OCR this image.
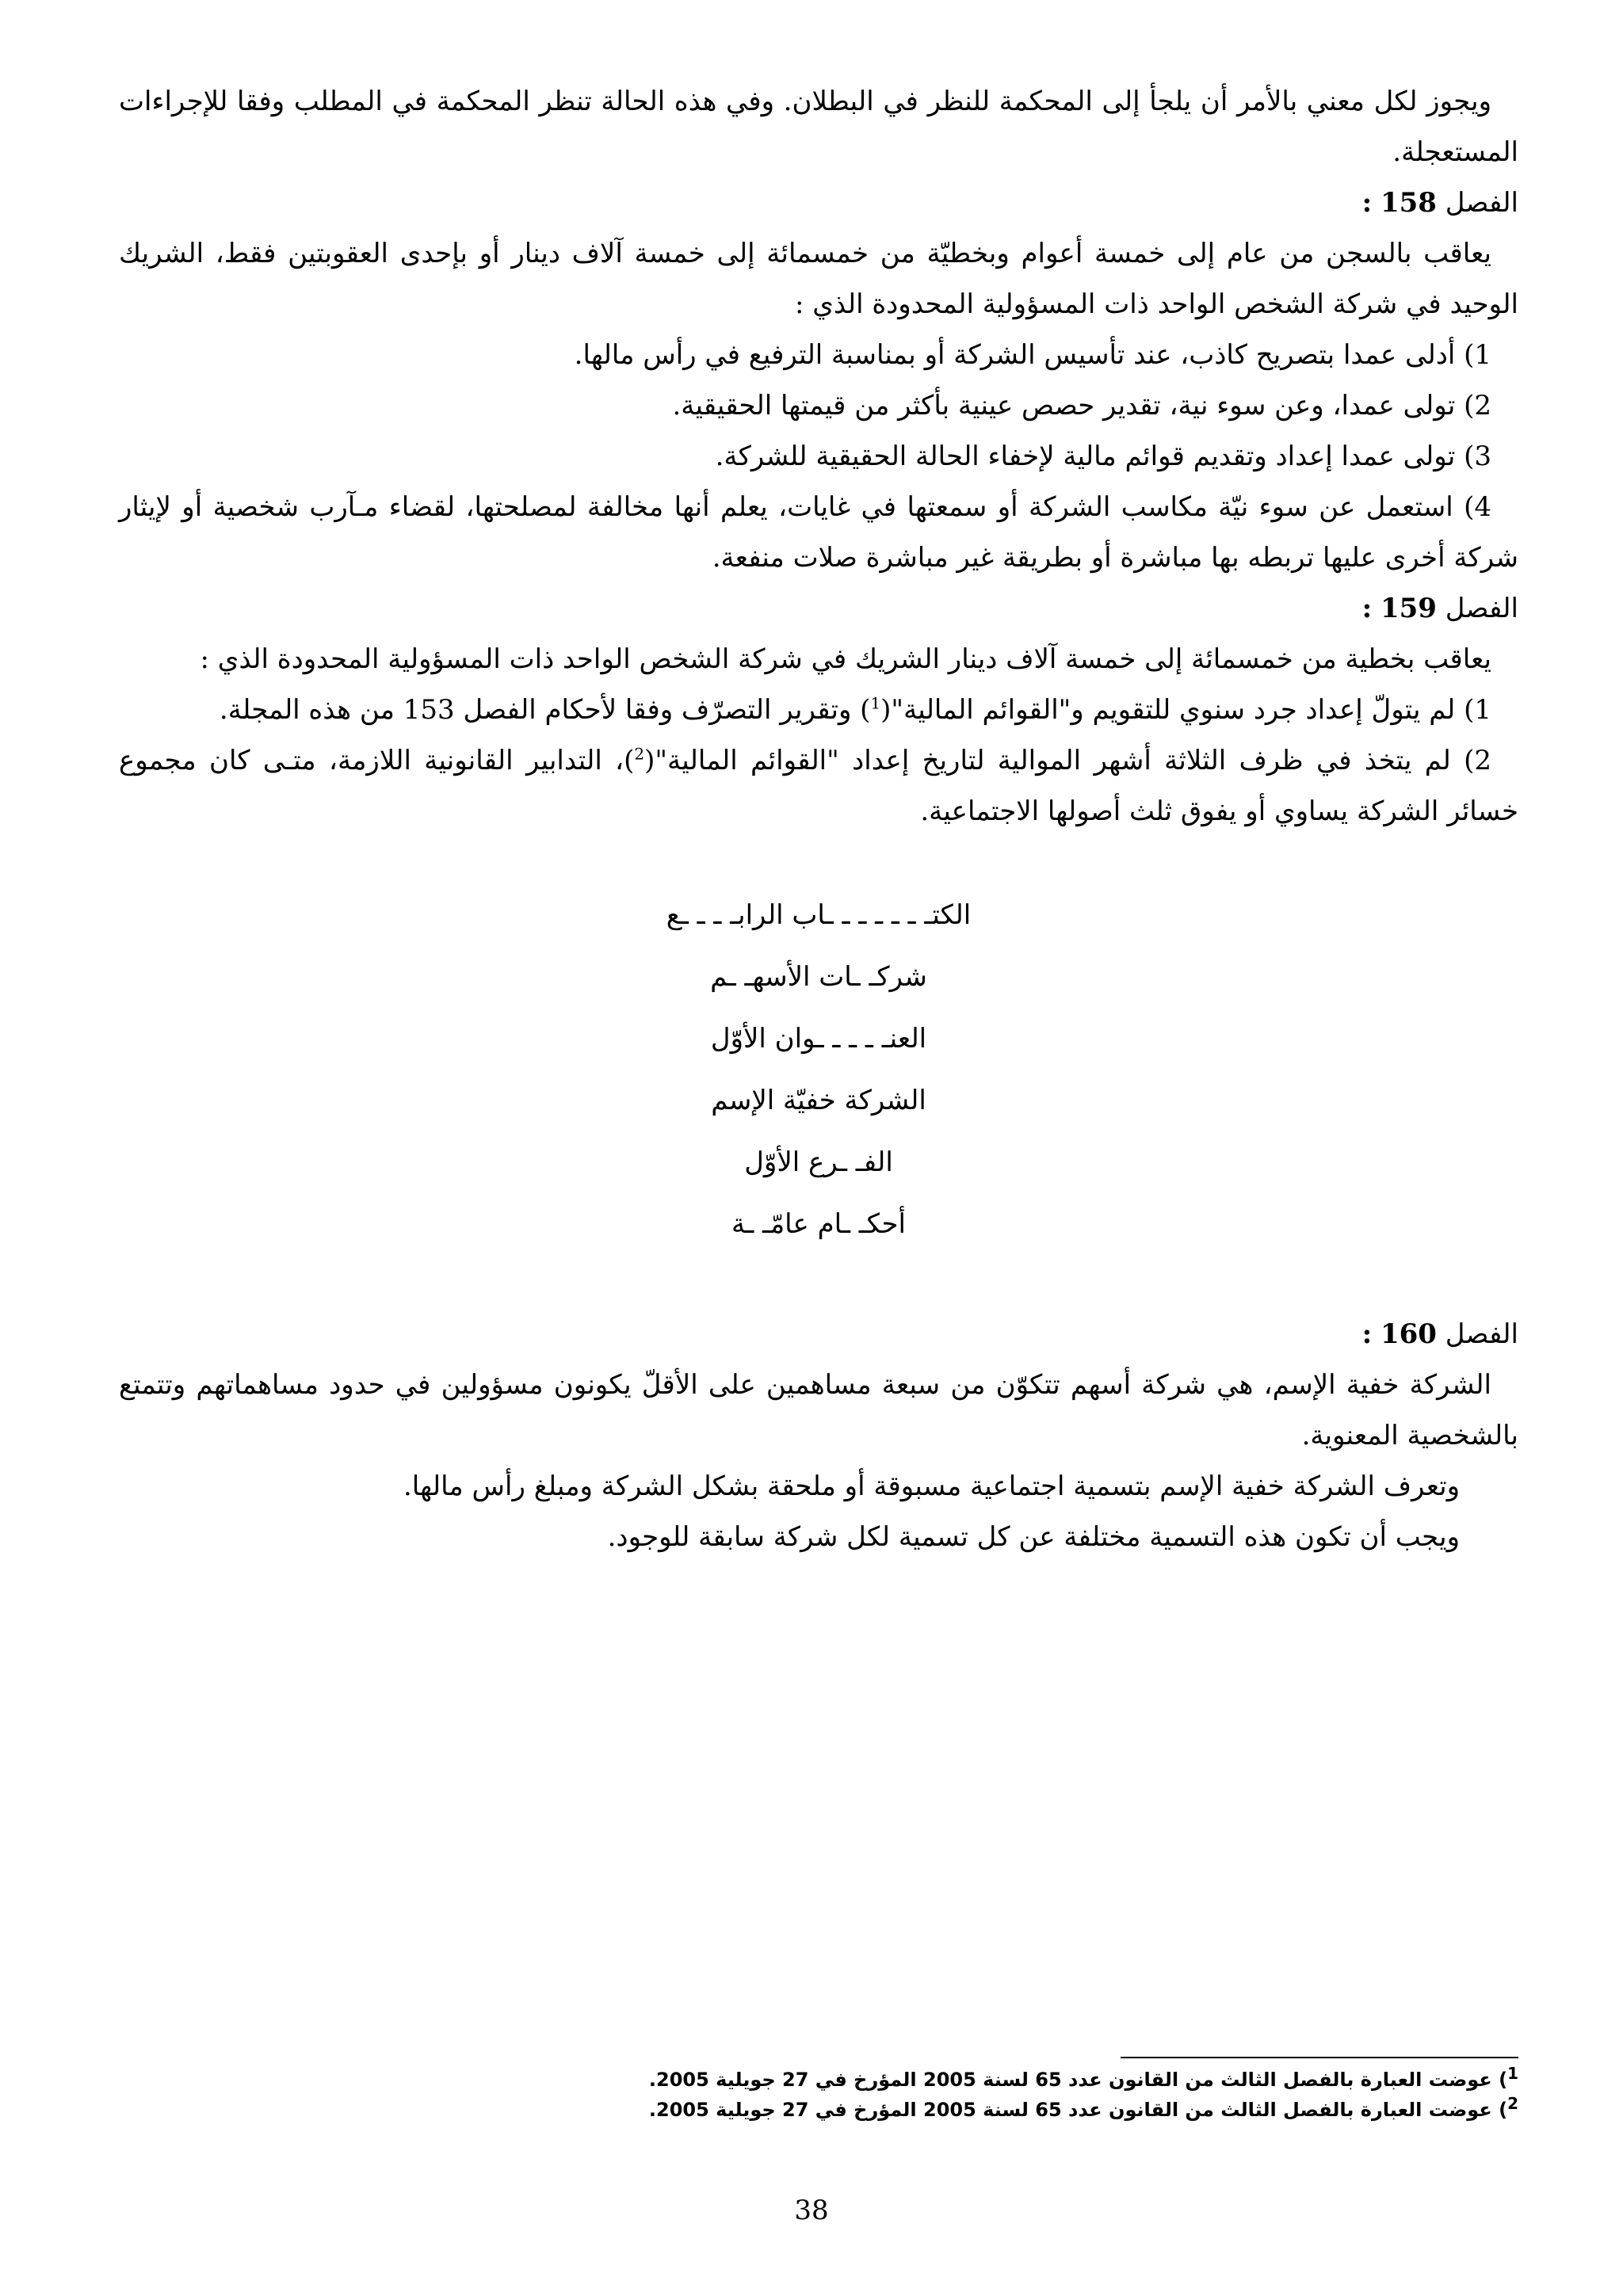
ويجوز لكل معني بالأمر أن يلجأ إلى المحكمة للنظر في البطلان. وفي هذه الحالة تنظر المحكمة في المطلب وفقا للإجراءات المستعجلة.

الفصل 158 :

يعاقب بالسجن من عام إلى خمسة أعوام وبخطيّة من خمسمائة إلى خمسة آلاف دينار أو بإحدى العقوبتين فقط، الشريك الوحيد في شركة الشخص الواحد ذات المسؤولية المحدودة الذي :

1) أدلى عمدا بتصريح كاذب، عند تأسيس الشركة أو بمناسبة الترفيع في رأس مالها.

2) تولى عمدا، وعن سوء نية، تقدير حصص عينية بأكثر من قيمتها الحقيقية.

3) تولى عمدا إعداد وتقديم قوائم مالية لإخفاء الحالة الحقيقية للشركة.

4) استعمل عن سوء نيّة مكاسب الشركة أو سمعتها في غايات، يعلم أنها مخالفة لمصلحتها، لقضاء مـآرب شخصية أو لإيثار شركة أخرى عليها تربطه بها مباشرة أو بطريقة غير مباشرة صلات منفعة.

الفصل 159 :

يعاقب بخطية من خمسمائة إلى خمسة آلاف دينار الشريك في شركة الشخص الواحد ذات المسؤولية المحدودة الذي :

1) لم يتولّ إعداد جرد سنوي للتقويم و"القوائم المالية"($^1$) وتقرير التصرّف وفقا لأحكام الفصل 153 من هذه المجلة.

2) لم يتخذ في ظرف الثلاثة أشهر الموالية لتاريخ إعداد "القوائم المالية"($^2$)، التدابير القانونية اللازمة، متـى كان مجموع خسائر الشركة يساوي أو يفوق ثلث أصولها الاجتماعية.

الكتـ ـ ـ ـ ـ ـ ـاب الرابـ ـ ـ ـع
شركـ ـات الأسهـ ـم
العنـ ـ ـ ـ ـوان الأوّل
الشركة خفيّة الإسم
الفـ ـرع الأوّل
أحكـ ـام عامّـ ـة

الفصل 160 :

الشركة خفية الإسم، هي شركة أسهم تتكوّن من سبعة مساهمين على الأقلّ يكونون مسؤولين في حدود مساهماتهم وتتمتع بالشخصية المعنوية.

وتعرف الشركة خفية الإسم بتسمية اجتماعية مسبوقة أو ملحقة بشكل الشركة ومبلغ رأس مالها.

ويجب أن تكون هذه التسمية مختلفة عن كل تسمية لكل شركة سابقة للوجود.

$^1$) عوضت العبارة بالفصل الثالث من القانون عدد 65 لسنة 2005 المؤرخ في 27 جويلية 2005.
$^2$) عوضت العبارة بالفصل الثالث من القانون عدد 65 لسنة 2005 المؤرخ في 27 جويلية 2005.
38
